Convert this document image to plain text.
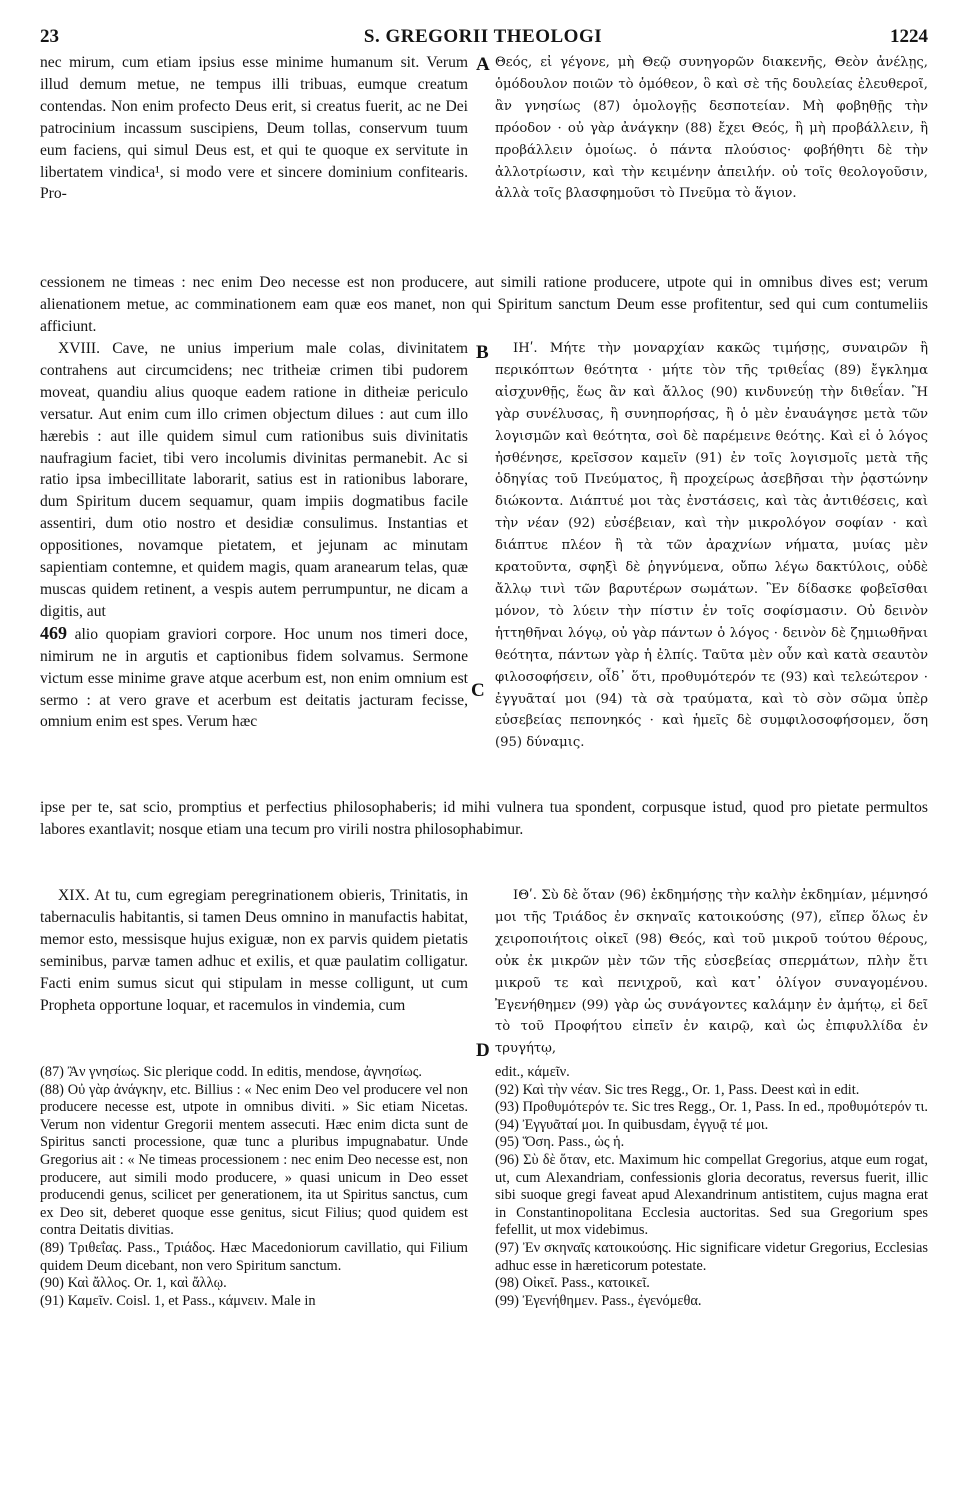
23	S. GREGORII THEOLOGI	1224

nec mirum, cum etiam ipsius esse minime humanum sit. Verum illud demum metue, ne tempus illi tribuas, eumque creatum contendas. Non enim profecto Deus erit, si creatus fuerit, ac ne Dei patrocinium incassum suscipiens, Deum tollas, conservum tuum eum faciens, qui simul Deus est, et qui te quoque ex servitute in libertatem vindica¹, si modo vere et sincere dominium confitearis. Pro-

A Θεός, εἰ γέγονε, μὴ Θεῷ συνηγορῶν διακενῆς, Θεὸν ἀνέλῃς, ὁμόδουλον ποιῶν τὸ ὁμόθεον, ὃ καὶ σὲ τῆς δουλείας ἐλευθεροῖ, ἂν γνησίως (87) ὁμολογῇς δεσποτείαν. Μὴ φοβηθῇς τὴν πρόοδον · οὐ γὰρ ἀνάγκην (88) ἔχει Θεός, ἢ μὴ προβάλλειν, ἢ προβάλλειν ὁμοίως. ὁ πάντα πλούσιος· φοβήθητι δὲ τὴν ἀλλοτρίωσιν, καὶ τὴν κειμένην ἀπειλήν. οὐ τοῖς θεολογοῦσιν, ἀλλὰ τοῖς βλασφημοῦσι τὸ Πνεῦμα τὸ ἅγιον.

cessionem ne timeas : nec enim Deo necesse est non producere, aut simili ratione producere, utpote qui in omnibus dives est; verum alienationem metue, ac comminationem eam quæ eos manet, non qui Spiritum sanctum Deum esse profitentur, sed qui cum contumeliis afficiunt.

XVIII. Cave, ne unius imperium male colas, divinitatem contrahens aut circumcidens; nec tritheiæ crimen tibi pudorem moveat, quandiu alius quoque eadem ratione in ditheiæ periculo versatur. Aut enim cum illo crimen objectum dilues : aut cum illo hærebis : aut ille quidem simul cum rationibus suis divinitatis naufragium faciet, tibi vero incolumis divinitas permanebit. Ac si ratio ipsa imbecillitate laborarit, satius est in rationibus laborare, dum Spiritum ducem sequamur, quam impiis dogmatibus facile assentiri, dum otio nostro et desidiæ consulimus. Instantias et oppositiones, novamque pietatem, et jejunam ac minutam sapientiam contemne, et quidem magis, quam aranearum telas, quæ muscas quidem retinent, a vespis autem perrumpuntur, ne dicam a digitis, aut
469 alio quopiam graviori corpore. Hoc unum nos timeri doce, nimirum ne in argutis et captionibus fidem solvamus. Sermone victum esse minime grave atque acerbum est, non enim omnium est sermo : at vero grave et acerbum est deitatis jacturam fecisse, omnium enim est spes. Verum hæc

B
C

ΙΗʹ. Μήτε τὴν μοναρχίαν κακῶς τιμήσῃς, συναιρῶν ἢ περικόπτων θεότητα · μήτε τὸν τῆς τριθεΐας (89) ἔγκλημα αἰσχυνθῇς, ἕως ἂν καὶ ἄλλος (90) κινδυνεύῃ τὴν διθεΐαν. Ἢ γὰρ συνέλυσας, ἢ συνηπορήσας, ἢ ὁ μὲν ἐναυάγησε μετὰ τῶν λογισμῶν καὶ θεότητα, σοὶ δὲ παρέμεινε θεότης. Καὶ εἰ ὁ λόγος ἠσθένησε, κρεῖσσον καμεῖν (91) ἐν τοῖς λογισμοῖς μετὰ τῆς ὁδηγίας τοῦ Πνεύματος, ἢ προχείρως ἀσεβῆσαι τὴν ῥᾳστώνην διώκοντα. Διάπτυέ μοι τὰς ἐνστάσεις, καὶ τὰς ἀντιθέσεις, καὶ τὴν νέαν (92) εὐσέβειαν, καὶ τὴν μικρολόγον σοφίαν · καὶ διάπτυε πλέον ἢ τὰ τῶν ἀραχνίων νήματα, μυίας μὲν κρατοῦντα, σφηξὶ δὲ ῥηγνύμενα, οὔπω λέγω δακτύλοις, οὐδὲ ἄλλῳ τινὶ τῶν βαρυτέρων σωμάτων. Ἓν δίδασκε φοβεῖσθαι μόνον, τὸ λύειν τὴν πίστιν ἐν τοῖς σοφίσμασιν. Οὐ δεινὸν ἡττηθῆναι λόγῳ, οὐ γὰρ πάντων ὁ λόγος · δεινὸν δὲ ζημιωθῆναι θεότητα, πάντων γὰρ ἡ ἐλπίς. Ταῦτα μὲν οὖν καὶ κατὰ σεαυτὸν φιλοσοφήσειν, οἶδ᾽ ὅτι, προθυμότερόν τε (93) καὶ τελεώτερον · ἐγγυᾶταί μοι (94) τὰ σὰ τραύματα, καὶ τὸ σὸν σῶμα ὑπὲρ εὐσεβείας πεπονηκός · καὶ ἡμεῖς δὲ συμφιλοσοφήσομεν, ὅση (95) δύναμις.

ipse per te, sat scio, promptius et perfectius philosophaberis; id mihi vulnera tua spondent, corpusque istud, quod pro pietate permultos labores exantlavit; nosque etiam una tecum pro virili nostra philosophabimur.

XIX. At tu, cum egregiam peregrinationem obieris, Trinitatis, in tabernaculis habitantis, si tamen Deus omnino in manufactis habitat, memor esto, messisque hujus exiguæ, non ex parvis quidem pietatis seminibus, parvæ tamen adhuc et exilis, et quæ paulatim colligatur. Facti enim sumus sicut qui stipulam in messe colligunt, ut cum Propheta opportune loquar, et racemulos in vindemia, cum

D

ΙΘʹ. Σὺ δὲ ὅταν (96) ἐκδημήσῃς τὴν καλὴν ἐκδημίαν, μέμνησό μοι τῆς Τριάδος ἐν σκηναῖς κατοικούσης (97), εἴπερ ὅλως ἐν χειροποιήτοις οἰκεῖ (98) Θεός, καὶ τοῦ μικροῦ τούτου θέρους, οὐκ ἐκ μικρῶν μὲν τῶν τῆς εὐσεβείας σπερμάτων, πλὴν ἔτι μικροῦ τε καὶ πενιχροῦ, καὶ κατ᾽ ὀλίγον συναγομένου. Ἐγενήθημεν (99) γὰρ ὡς συνάγοντες καλάμην ἐν ἀμήτῳ, εἰ δεῖ τὸ τοῦ Προφήτου εἰπεῖν ἐν καιρῷ, καὶ ὡς ἐπιφυλλίδα ἐν τρυγήτῳ,

(87) Ἂν γνησίως. Sic plerique codd. In editis, mendose, ἀγνησίως.

(88) Οὐ γὰρ ἀνάγκην, etc. Billius : « Nec enim Deo vel producere vel non producere necesse est, utpote in omnibus diviti. » Sic etiam Nicetas. Verum non videntur Gregorii mentem assecuti. Hæc enim dicta sunt de Spiritus sancti processione, quæ tunc a pluribus impugnabatur. Unde Gregorius ait : « Ne timeas processionem : nec enim Deo necesse est, non producere, aut simili modo producere, » quasi unicum in Deo esset producendi genus, scilicet per generationem, ita ut Spiritus sanctus, cum ex Deo sit, deberet quoque esse genitus, sicut Filius; quod quidem est contra Deitatis divitias.

(89) Τριθεΐας. Pass., Τριάδος. Hæc Macedoniorum cavillatio, qui Filium quidem Deum dicebant, non vero Spiritum sanctum.

(90) Καὶ ἄλλος. Or. 1, καὶ ἄλλῳ.

(91) Καμεῖν. Coisl. 1, et Pass., κάμνειν. Male in

edit., κάμεῖν.

(92) Καὶ τὴν νέαν. Sic tres Regg., Or. 1, Pass. Deest καὶ in edit.

(93) Προθυμότερόν τε. Sic tres Regg., Or. 1, Pass. In ed., προθυμότερόν τι.

(94) Ἐγγυᾶταί μοι. In quibusdam, ἐγγυᾷ τέ μοι.

(95) Ὅση. Pass., ὡς ἡ.

(96) Σὺ δὲ ὅταν, etc. Maximum hic compellat Gregorius, atque eum rogat, ut, cum Alexandriam, confessionis gloria decoratus, reversus fuerit, illic sibi suoque gregi faveat apud Alexandrinum antistitem, cujus magna erat in Constantinopolitana Ecclesia auctoritas. Sed sua Gregorium spes fefellit, ut mox videbimus.

(97) Ἐν σκηναῖς κατοικούσης. Hic significare videtur Gregorius, Ecclesias adhuc esse in hæreticorum potestate.

(98) Οἰκεῖ. Pass., κατοικεῖ.

(99) Ἐγενήθημεν. Pass., ἐγενόμεθα.
